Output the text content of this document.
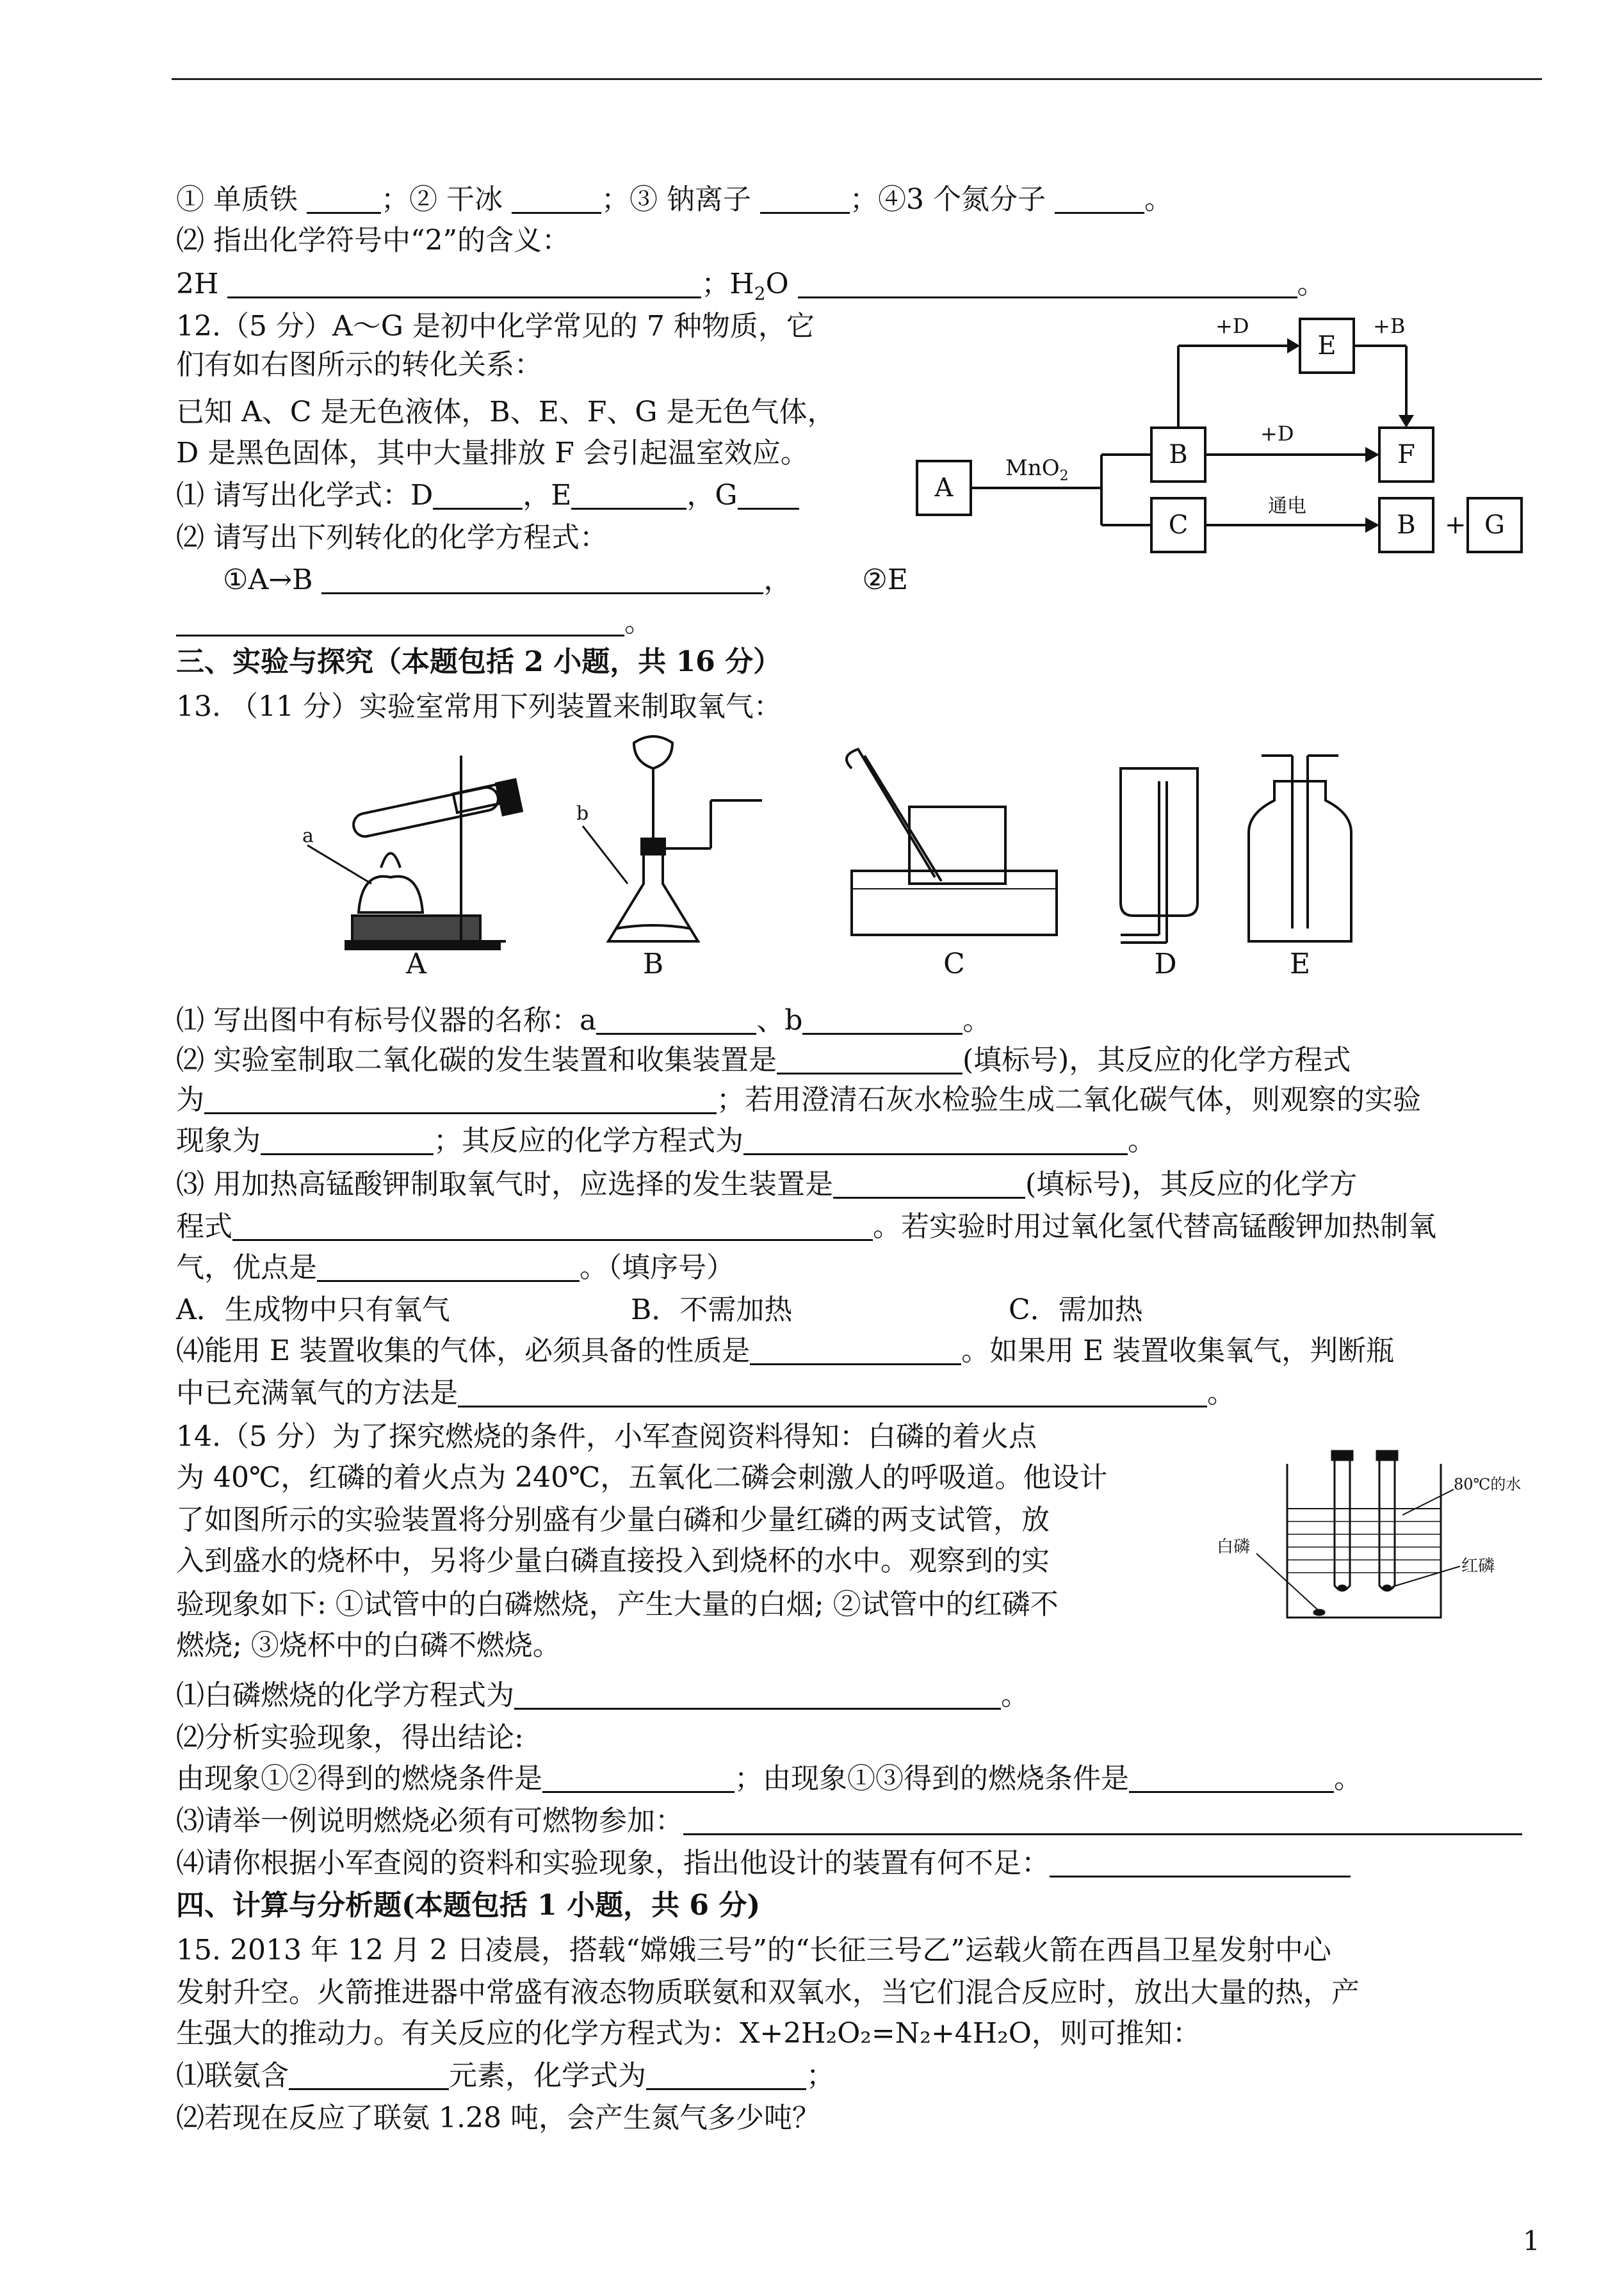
① 单质铁	；② 干冰	；③ 钠离子	；④3 个氮分子	。
⑵ 指出化学符号中“2”的含义：
2H	；$H_2O$	。
12.（5 分）A～G 是初中化学常见的 7 种物质，它
们有如右图所示的转化关系：
已知 A、C 是无色液体，B、E、F、G 是无色气体，
D 是黑色固体，其中大量排放 F 会引起温室效应。
⑴ 请写出化学式：D	，E	，G
⑵ 请写出下列转化的化学方程式：
①A→B	，	②E
。
A
MnO$_2$
B
C
+D
E
+B
+D
F
通电
B + G
三、实验与探究（本题包括 2 小题，共 16 分）
13. （11 分）实验室常用下列装置来制取氧气：
a
A
b
B	C	D	E
⑴ 写出图中有标号仪器的名称：a	、b	。
⑵ 实验室制取二氧化碳的发生装置和收集装置是	(填标号)，其反应的化学方程式
为	；若用澄清石灰水检验生成二氧化碳气体，则观察的实验
现象为	；其反应的化学方程式为	。
⑶ 用加热高锰酸钾制取氧气时，应选择的发生装置是	(填标号)，其反应的化学方
程式	。若实验时用过氧化氢代替高锰酸钾加热制氧
气，优点是	。（填序号）
A．生成物中只有氧气	B．不需加热	C．需加热
⑷能用 E 装置收集的气体，必须具备的性质是	。如果用 E 装置收集氧气，判断瓶
中已充满氧气的方法是	。
14.（5 分）为了探究燃烧的条件，小军查阅资料得知：白磷的着火点
为 40℃，红磷的着火点为 240℃，五氧化二磷会刺激人的呼吸道。他设计
了如图所示的实验装置将分别盛有少量白磷和少量红磷的两支试管，放
入到盛水的烧杯中，另将少量白磷直接投入到烧杯的水中。观察到的实
验现象如下: ①试管中的白磷燃烧，产生大量的白烟; ②试管中的红磷不
燃烧; ③烧杯中的白磷不燃烧。
80℃的水
白磷
红磷
⑴白磷燃烧的化学方程式为	。
⑵分析实验现象，得出结论:
由现象①②得到的燃烧条件是	；由现象①③得到的燃烧条件是	。
⑶请举一例说明燃烧必须有可燃物参加：
⑷请你根据小军查阅的资料和实验现象，指出他设计的装置有何不足：
四、计算与分析题(本题包括 1 小题，共 6 分)
15. 2013 年 12 月 2 日凌晨，搭载“嫦娥三号”的“长征三号乙”运载火箭在西昌卫星发射中心
发射升空。火箭推进器中常盛有液态物质联氨和双氧水，当它们混合反应时，放出大量的热，产
生强大的推动力。有关反应的化学方程式为：X+2H₂O₂=N₂+4H₂O，则可推知：
⑴联氨含	元素，化学式为	；
⑵若现在反应了联氨 1.28 吨，会产生氮气多少吨？
1
